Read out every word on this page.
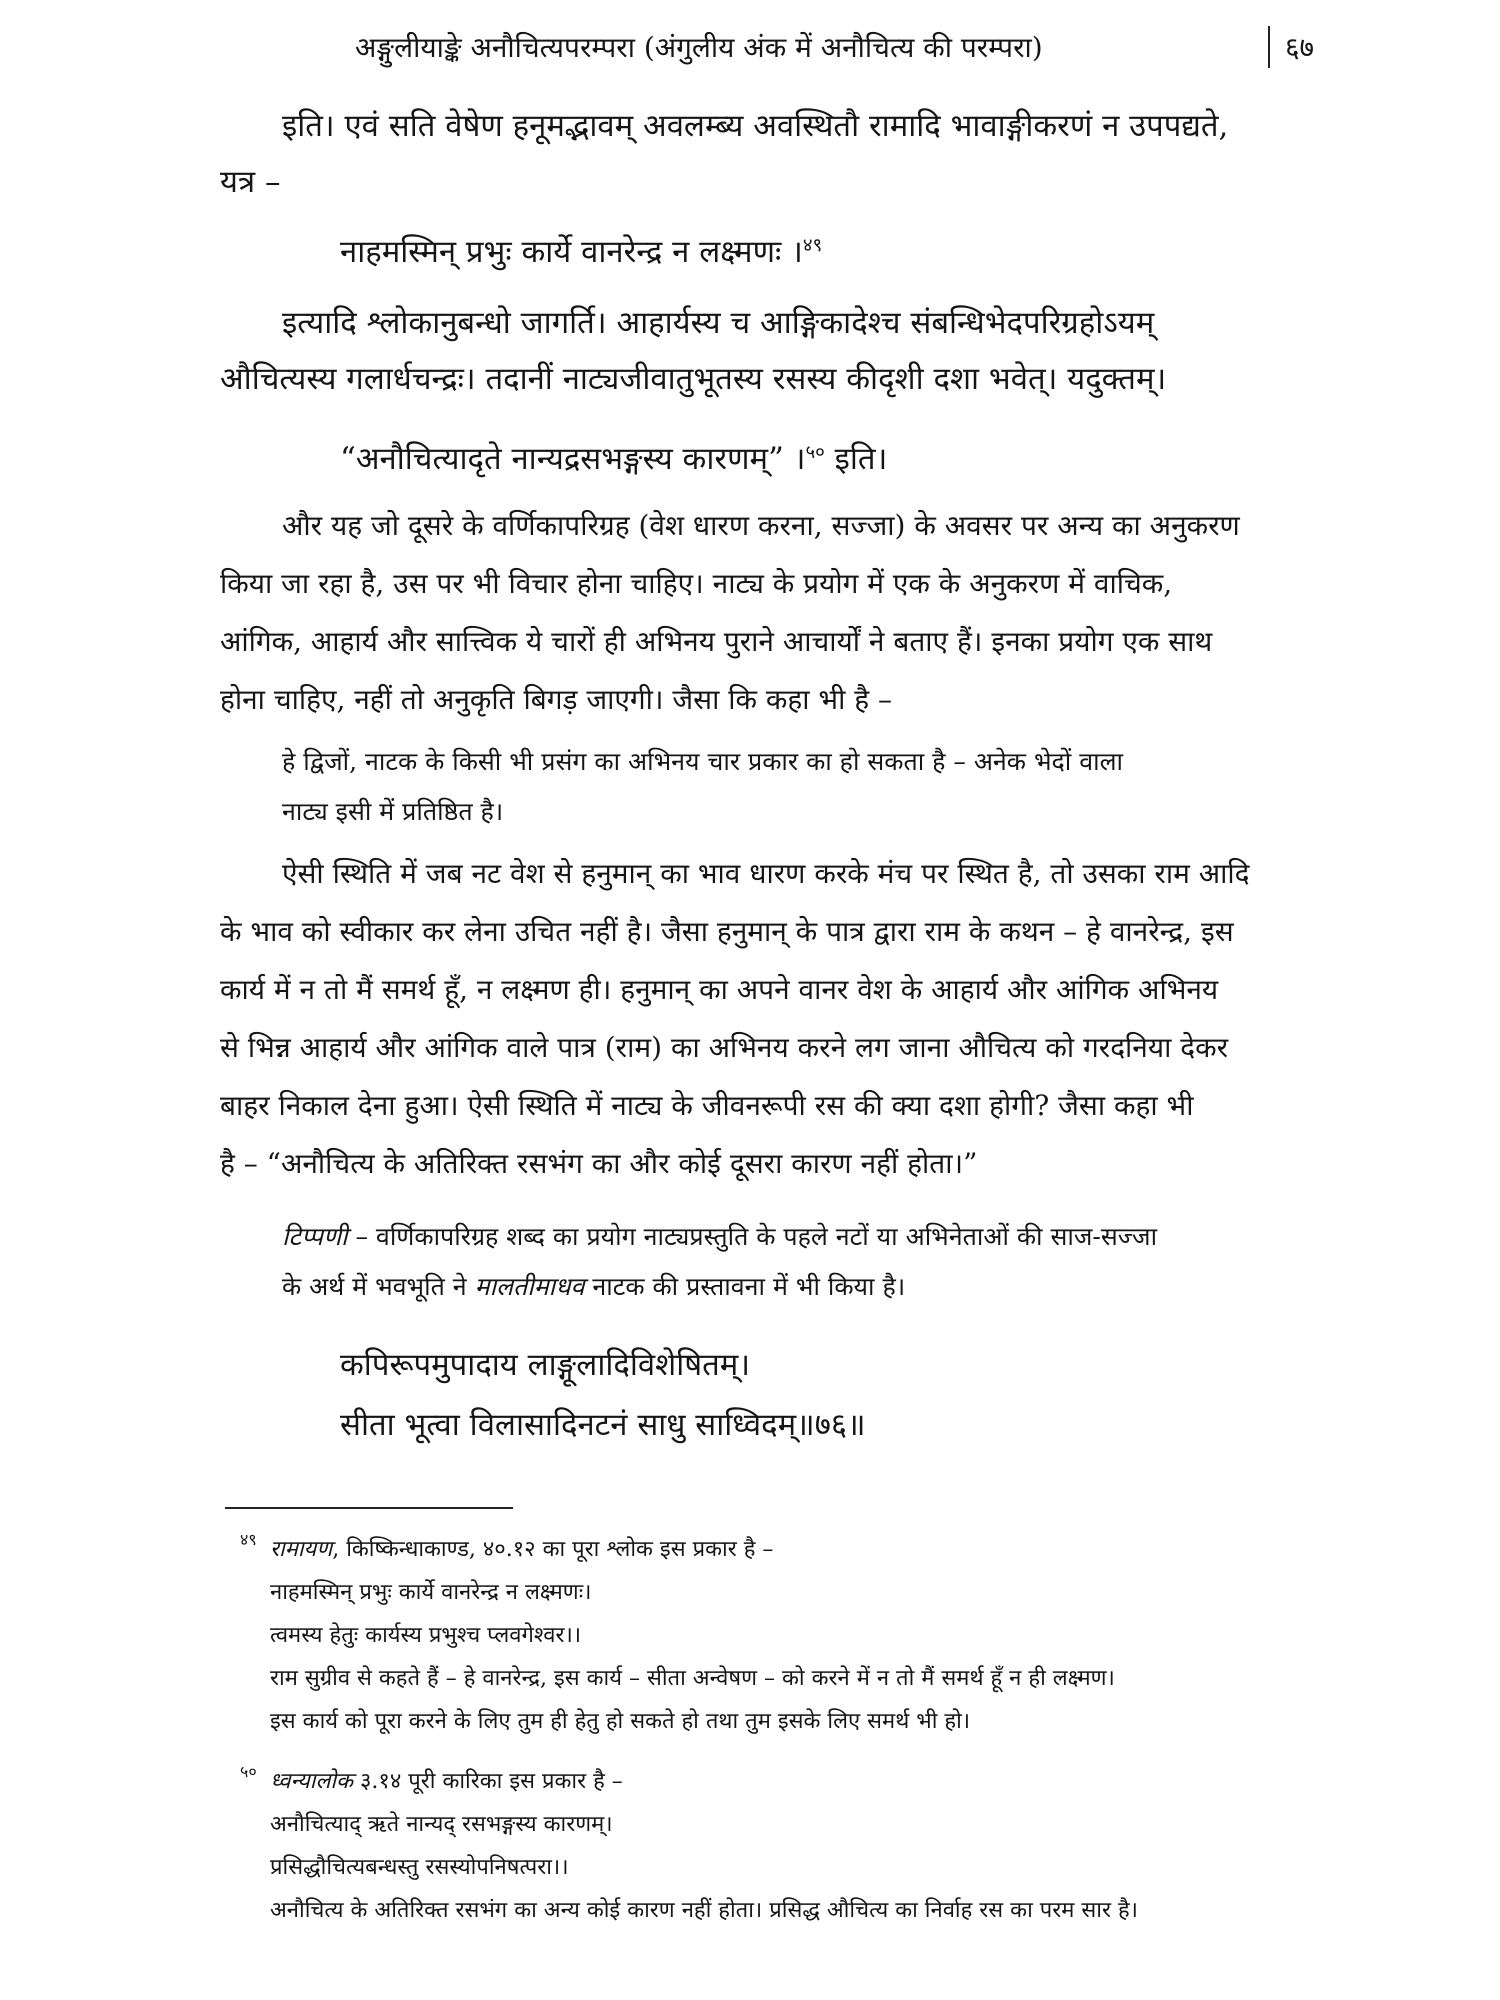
अङ्गुलीयाङ्के अनौचित्यपरम्परा (अंगुलीय अंक में अनौचित्य की परम्परा)	६७
इति। एवं सति वेषेण हनूमद्भावम् अवलम्ब्य अवस्थितौ रामादि भावाङ्गीकरणं न उपपद्यते,
यत्र –
नाहमस्मिन् प्रभुः कार्ये वानरेन्द्र न लक्ष्मणः ।$^{४९}$
इत्यादि श्लोकानुबन्धो जागर्ति। आहार्यस्य च आङ्गिकादेश्च संबन्धिभेदपरिग्रहोऽयम्
औचित्यस्य गलार्धचन्द्रः। तदानीं नाट्यजीवातुभूतस्य रसस्य कीदृशी दशा भवेत्। यदुक्तम्।
“अनौचित्यादृते नान्यद्रसभङ्गस्य कारणम्” ।$^{५०}$ इति।
और यह जो दूसरे के वर्णिकापरिग्रह (वेश धारण करना, सज्जा) के अवसर पर अन्य का अनुकरण
किया जा रहा है, उस पर भी विचार होना चाहिए। नाट्य के प्रयोग में एक के अनुकरण में वाचिक,
आंगिक, आहार्य और सात्त्विक ये चारों ही अभिनय पुराने आचार्यों ने बताए हैं। इनका प्रयोग एक साथ
होना चाहिए, नहीं तो अनुकृति बिगड़ जाएगी। जैसा कि कहा भी है –
हे द्विजों, नाटक के किसी भी प्रसंग का अभिनय चार प्रकार का हो सकता है – अनेक भेदों वाला
नाट्य इसी में प्रतिष्ठित है।
ऐसी स्थिति में जब नट वेश से हनुमान् का भाव धारण करके मंच पर स्थित है, तो उसका राम आदि
के भाव को स्वीकार कर लेना उचित नहीं है। जैसा हनुमान् के पात्र द्वारा राम के कथन – हे वानरेन्द्र, इस
कार्य में न तो मैं समर्थ हूँ, न लक्ष्मण ही। हनुमान् का अपने वानर वेश के आहार्य और आंगिक अभिनय
से भिन्न आहार्य और आंगिक वाले पात्र (राम) का अभिनय करने लग जाना औचित्य को गरदनिया देकर
बाहर निकाल देना हुआ। ऐसी स्थिति में नाट्य के जीवनरूपी रस की क्या दशा होगी? जैसा कहा भी
है – “अनौचित्य के अतिरिक्त रसभंग का और कोई दूसरा कारण नहीं होता।”
टिप्पणी – वर्णिकापरिग्रह शब्द का प्रयोग नाट्यप्रस्तुति के पहले नटों या अभिनेताओं की साज-सज्जा
के अर्थ में भवभूति ने मालतीमाधव नाटक की प्रस्तावना में भी किया है।
कपिरूपमुपादाय लाङ्गूलादिविशेषितम्।
सीता भूत्वा विलासादिनटनं साधु साध्विदम्॥७६॥
४९ रामायण, किष्किन्धाकाण्ड, ४०.१२ का पूरा श्लोक इस प्रकार है –
नाहमस्मिन् प्रभुः कार्ये वानरेन्द्र न लक्ष्मणः।
त्वमस्य हेतुः कार्यस्य प्रभुश्च प्लवगेश्वर।।
राम सुग्रीव से कहते हैं – हे वानरेन्द्र, इस कार्य – सीता अन्वेषण – को करने में न तो मैं समर्थ हूँ न ही लक्ष्मण।
इस कार्य को पूरा करने के लिए तुम ही हेतु हो सकते हो तथा तुम इसके लिए समर्थ भी हो।
५० ध्वन्यालोक ३.१४ पूरी कारिका इस प्रकार है –
अनौचित्याद् ऋते नान्यद् रसभङ्गस्य कारणम्।
प्रसिद्धौचित्यबन्धस्तु रसस्योपनिषत्परा।।
अनौचित्य के अतिरिक्त रसभंग का अन्य कोई कारण नहीं होता। प्रसिद्ध औचित्य का निर्वाह रस का परम सार है।
